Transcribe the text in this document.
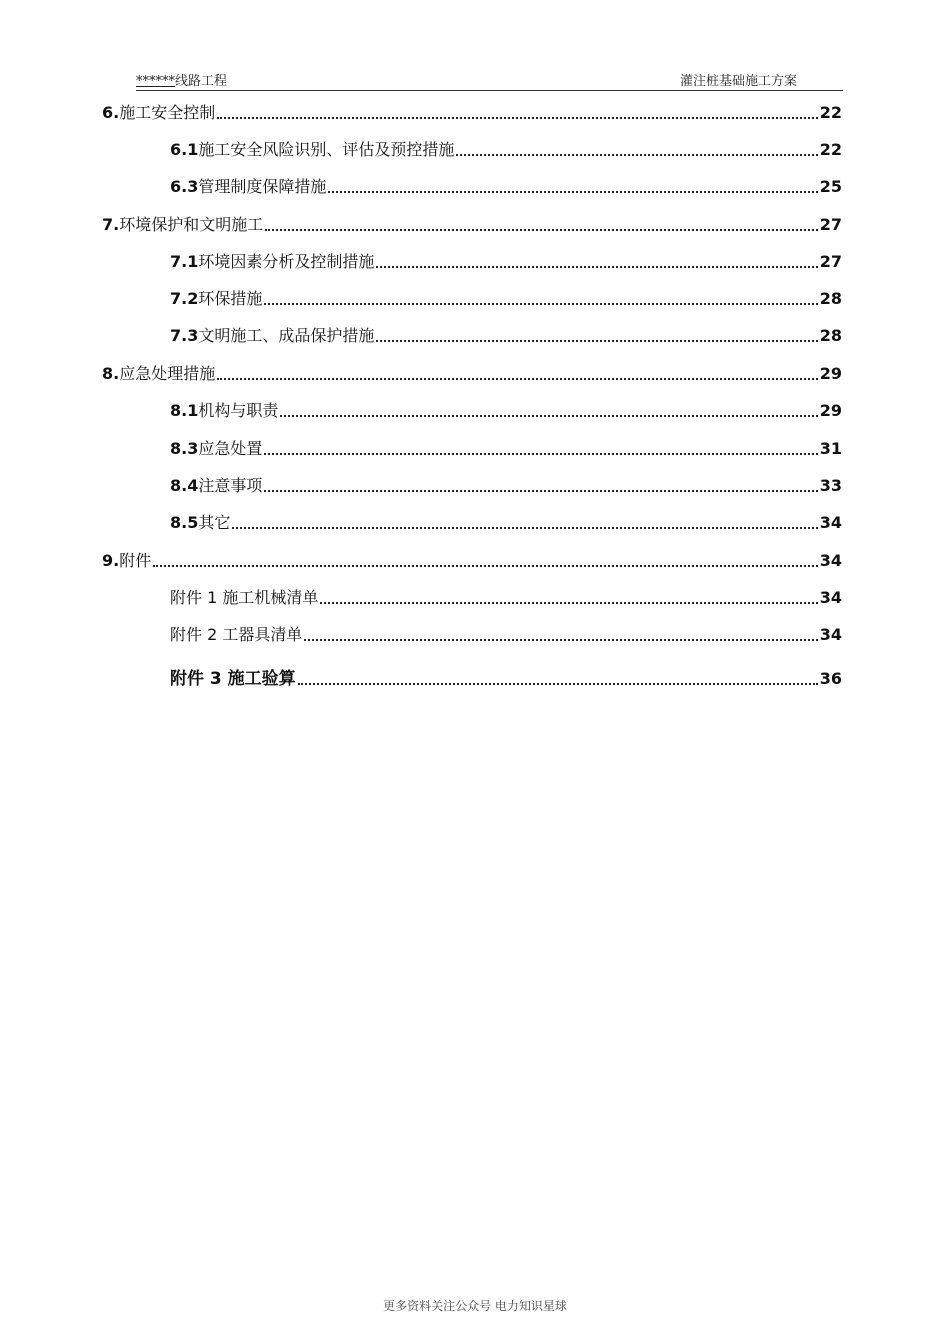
******线路工程	灌注桩基础施工方案
6. 施工安全控制	22
6.1 施工安全风险识别、评估及预控措施	22
6.3 管理制度保障措施	25
7. 环境保护和文明施工	27
7.1 环境因素分析及控制措施	27
7.2 环保措施	28
7.3 文明施工、成品保护措施	28
8. 应急处理措施	29
8.1 机构与职责	29
8.3 应急处置	31
8.4 注意事项	33
8.5 其它	34
9. 附件	34
附件 1 施工机械清单	34
附件 2 工器具清单	34
附件 3 施工验算	36
更多资料关注公众号 电力知识星球
